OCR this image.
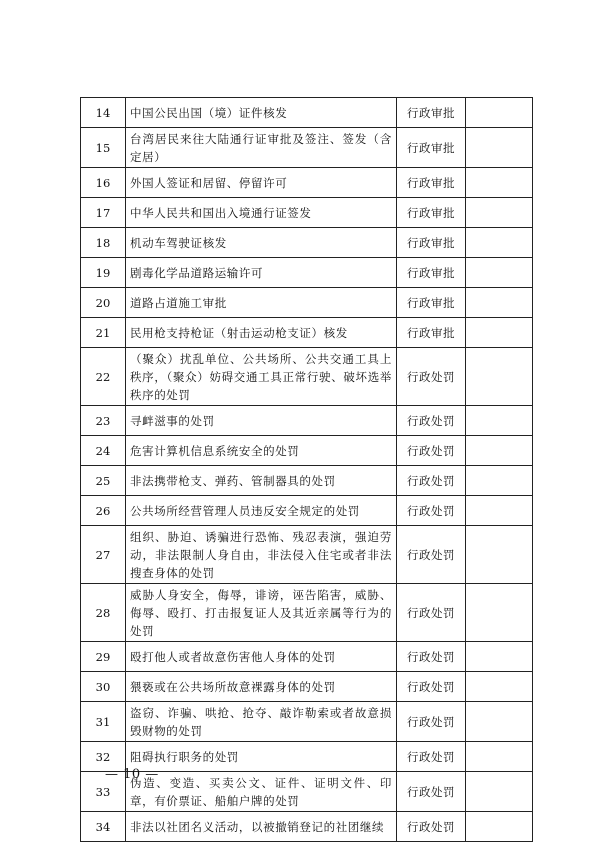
14	中国公民出国（境）证件核发	行政审批	
15	台湾居民来往大陆通行证审批及签注、签发（含定居）	行政审批	
16	外国人签证和居留、停留许可	行政审批	
17	中华人民共和国出入境通行证签发	行政审批	
18	机动车驾驶证核发	行政审批	
19	剧毒化学品道路运输许可	行政审批	
20	道路占道施工审批	行政审批	
21	民用枪支持枪证（射击运动枪支证）核发	行政审批	
22	（聚众）扰乱单位、公共场所、公共交通工具上秩序，（聚众）妨碍交通工具正常行驶、破坏选举秩序的处罚	行政处罚	
23	寻衅滋事的处罚	行政处罚	
24	危害计算机信息系统安全的处罚	行政处罚	
25	非法携带枪支、弹药、管制器具的处罚	行政处罚	
26	公共场所经营管理人员违反安全规定的处罚	行政处罚	
27	组织、胁迫、诱骗进行恐怖、残忍表演，强迫劳动，非法限制人身自由，非法侵入住宅或者非法搜查身体的处罚	行政处罚	
28	威胁人身安全，侮辱，诽谤，诬告陷害，威胁、侮辱、殴打、打击报复证人及其近亲属等行为的处罚	行政处罚	
29	殴打他人或者故意伤害他人身体的处罚	行政处罚	
30	猥亵或在公共场所故意裸露身体的处罚	行政处罚	
31	盗窃、诈骗、哄抢、抢夺、敲诈勒索或者故意损毁财物的处罚	行政处罚	
32	阻碍执行职务的处罚	行政处罚	
33	伪造、变造、买卖公文、证件、证明文件、印章，有价票证、船舶户牌的处罚	行政处罚	
34	非法以社团名义活动，以被撤销登记的社团继续	行政处罚	
— 10 —
